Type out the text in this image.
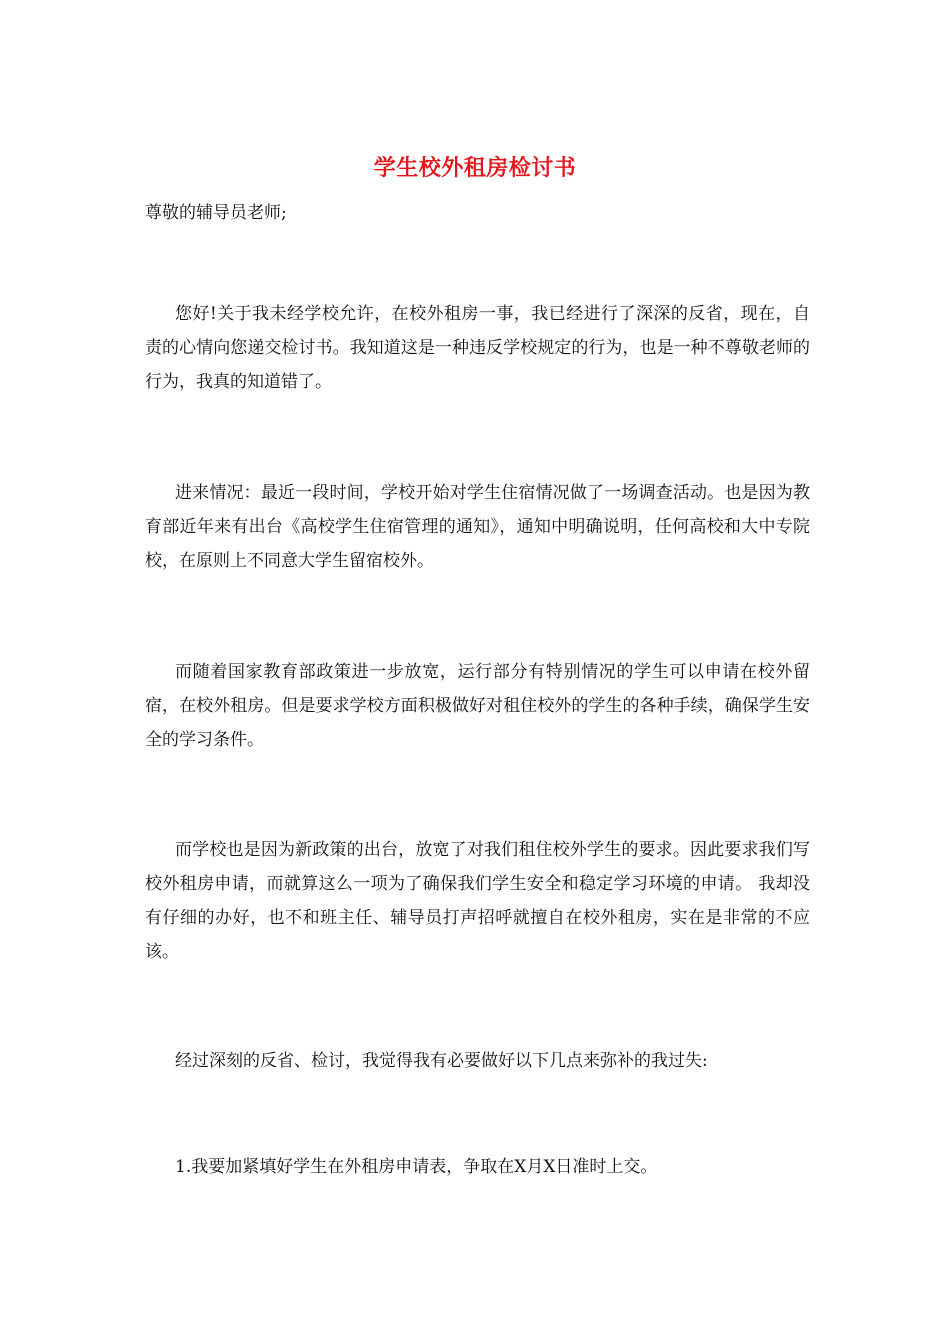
学生校外租房检讨书
尊敬的辅导员老师;

您好!关于我未经学校允许，在校外租房一事，我已经进行了深深的反省，现在，自责的心情向您递交检讨书。我知道这是一种违反学校规定的行为，也是一种不尊敬老师的行为，我真的知道错了。

进来情况：最近一段时间，学校开始对学生住宿情况做了一场调查活动。也是因为教育部近年来有出台《高校学生住宿管理的通知》，通知中明确说明，任何高校和大中专院校，在原则上不同意大学生留宿校外。

而随着国家教育部政策进一步放宽，运行部分有特别情况的学生可以申请在校外留宿，在校外租房。但是要求学校方面积极做好对租住校外的学生的各种手续，确保学生安全的学习条件。

而学校也是因为新政策的出台，放宽了对我们租住校外学生的要求。因此要求我们写校外租房申请，而就算这么一项为了确保我们学生安全和稳定学习环境的申请。 我却没有仔细的办好，也不和班主任、辅导员打声招呼就擅自在校外租房，实在是非常的不应该。

经过深刻的反省、检讨，我觉得我有必要做好以下几点来弥补的我过失:

1.我要加紧填好学生在外租房申请表，争取在X月X日准时上交。
